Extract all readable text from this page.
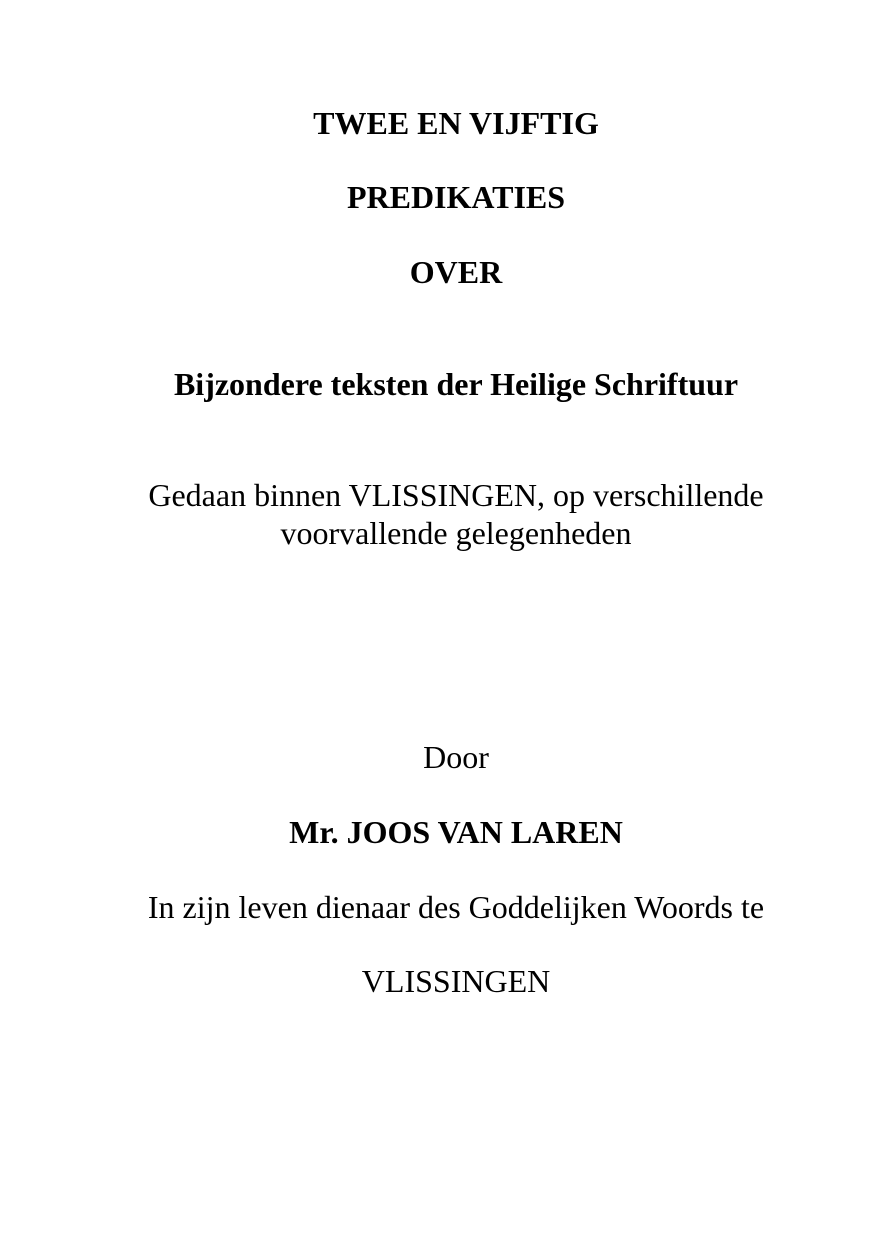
TWEE EN VIJFTIG
PREDIKATIES
OVER
Bijzondere teksten der Heilige Schriftuur
Gedaan binnen VLISSINGEN, op verschillende
voorvallende gelegenheden
Door
Mr. JOOS VAN LAREN
In zijn leven dienaar des Goddelijken Woords te
VLISSINGEN
